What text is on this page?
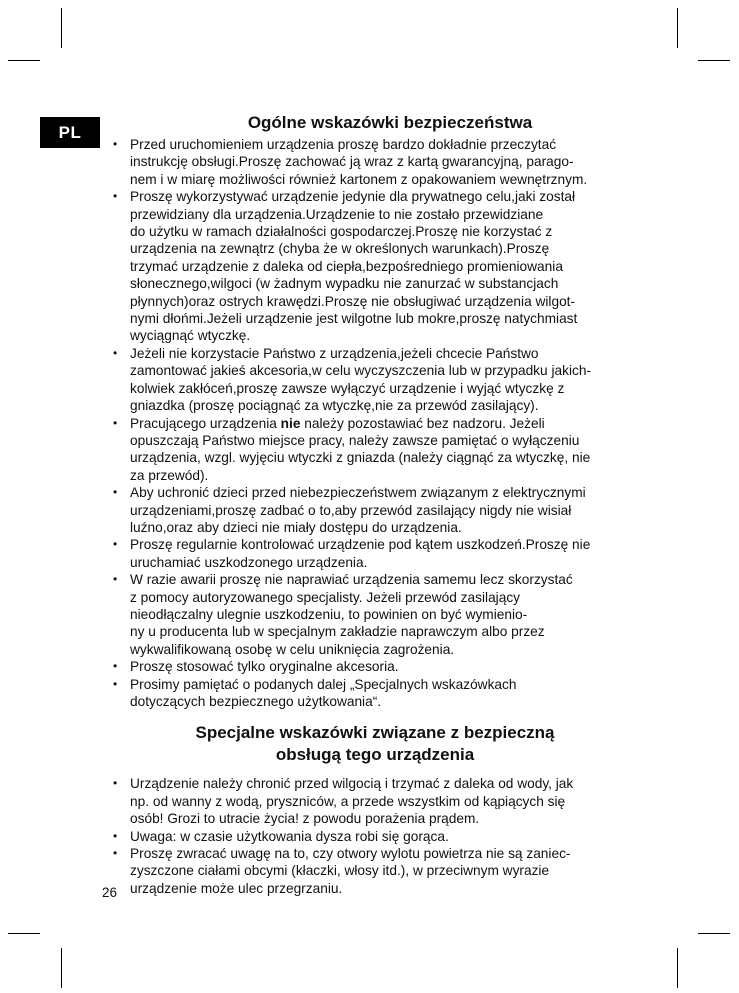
PL	Ogólne wskazówki bezpieczeństwa
• Przed uruchomieniem urządzenia proszę bardzo dokładnie przeczytać
instrukcję obsługi.Proszę zachować ją wraz z kartą gwarancyjną, parago-
nem i w miarę możliwości również kartonem z opakowaniem wewnętrznym.
• Proszę wykorzystywać urządzenie jedynie dla prywatnego celu,jaki został
przewidziany dla urządzenia.Urządzenie to nie zostało przewidziane
do użytku w ramach działalności gospodarczej.Proszę nie korzystać z
urządzenia na zewnątrz (chyba że w określonych warunkach).Proszę
trzymać urządzenie z daleka od ciepła,bezpośredniego promieniowania
słonecznego,wilgoci (w żadnym wypadku nie zanurzać w substancjach
płynnych)oraz ostrych krawędzi.Proszę nie obsługiwać urządzenia wilgot-
nymi dłońmi.Jeżeli urządzenie jest wilgotne lub mokre,proszę natychmiast
wyciągnąć wtyczkę.
• Jeżeli nie korzystacie Państwo z urządzenia,jeżeli chcecie Państwo
zamontować jakieś akcesoria,w celu wyczyszczenia lub w przypadku jakich-
kolwiek zakłóceń,proszę zawsze wyłączyć urządzenie i wyjąć wtyczkę z
gniazdka (proszę pociągnąć za wtyczkę,nie za przewód zasilający).
• Pracującego urządzenia nie należy pozostawiać bez nadzoru. Jeżeli
opuszczają Państwo miejsce pracy, należy zawsze pamiętać o wyłączeniu
urządzenia, wzgl. wyjęciu wtyczki z gniazda (należy ciągnąć za wtyczkę, nie
za przewód).
• Aby uchronić dzieci przed niebezpieczeństwem związanym z elektrycznymi
urządzeniami,proszę zadbać o to,aby przewód zasilający nigdy nie wisiał
luźno,oraz aby dzieci nie miały dostępu do urządzenia.
• Proszę regularnie kontrolować urządzenie pod kątem uszkodzeń.Proszę nie
uruchamiać uszkodzonego urządzenia.
• W razie awarii proszę nie naprawiać urządzenia samemu lecz skorzystać
z pomocy autoryzowanego specjalisty. Jeżeli przewód zasilający
nieodłączalny ulegnie uszkodzeniu, to powinien on być wymienio-
ny u producenta lub w specjalnym zakładzie naprawczym albo przez
wykwalifikowaną osobę w celu uniknięcia zagrożenia.
• Proszę stosować tylko oryginalne akcesoria.
• Prosimy pamiętać o podanych dalej „Specjalnych wskazówkach
dotyczących bezpiecznego użytkowania“.
Specjalne wskazówki związane z bezpieczną
obsługą tego urządzenia
• Urządzenie należy chronić przed wilgocią i trzymać z daleka od wody, jak
np. od wanny z wodą, pryszniców, a przede wszystkim od kąpiących się
osób! Grozi to utracie życia! z powodu porażenia prądem.
• Uwaga: w czasie użytkowania dysza robi się gorąca.
• Proszę zwracać uwagę na to, czy otwory wylotu powietrza nie są zaniec-
zyszczone ciałami obcymi (kłaczki, włosy itd.), w przeciwnym wyrazie
urządzenie może ulec przegrzaniu.
26
